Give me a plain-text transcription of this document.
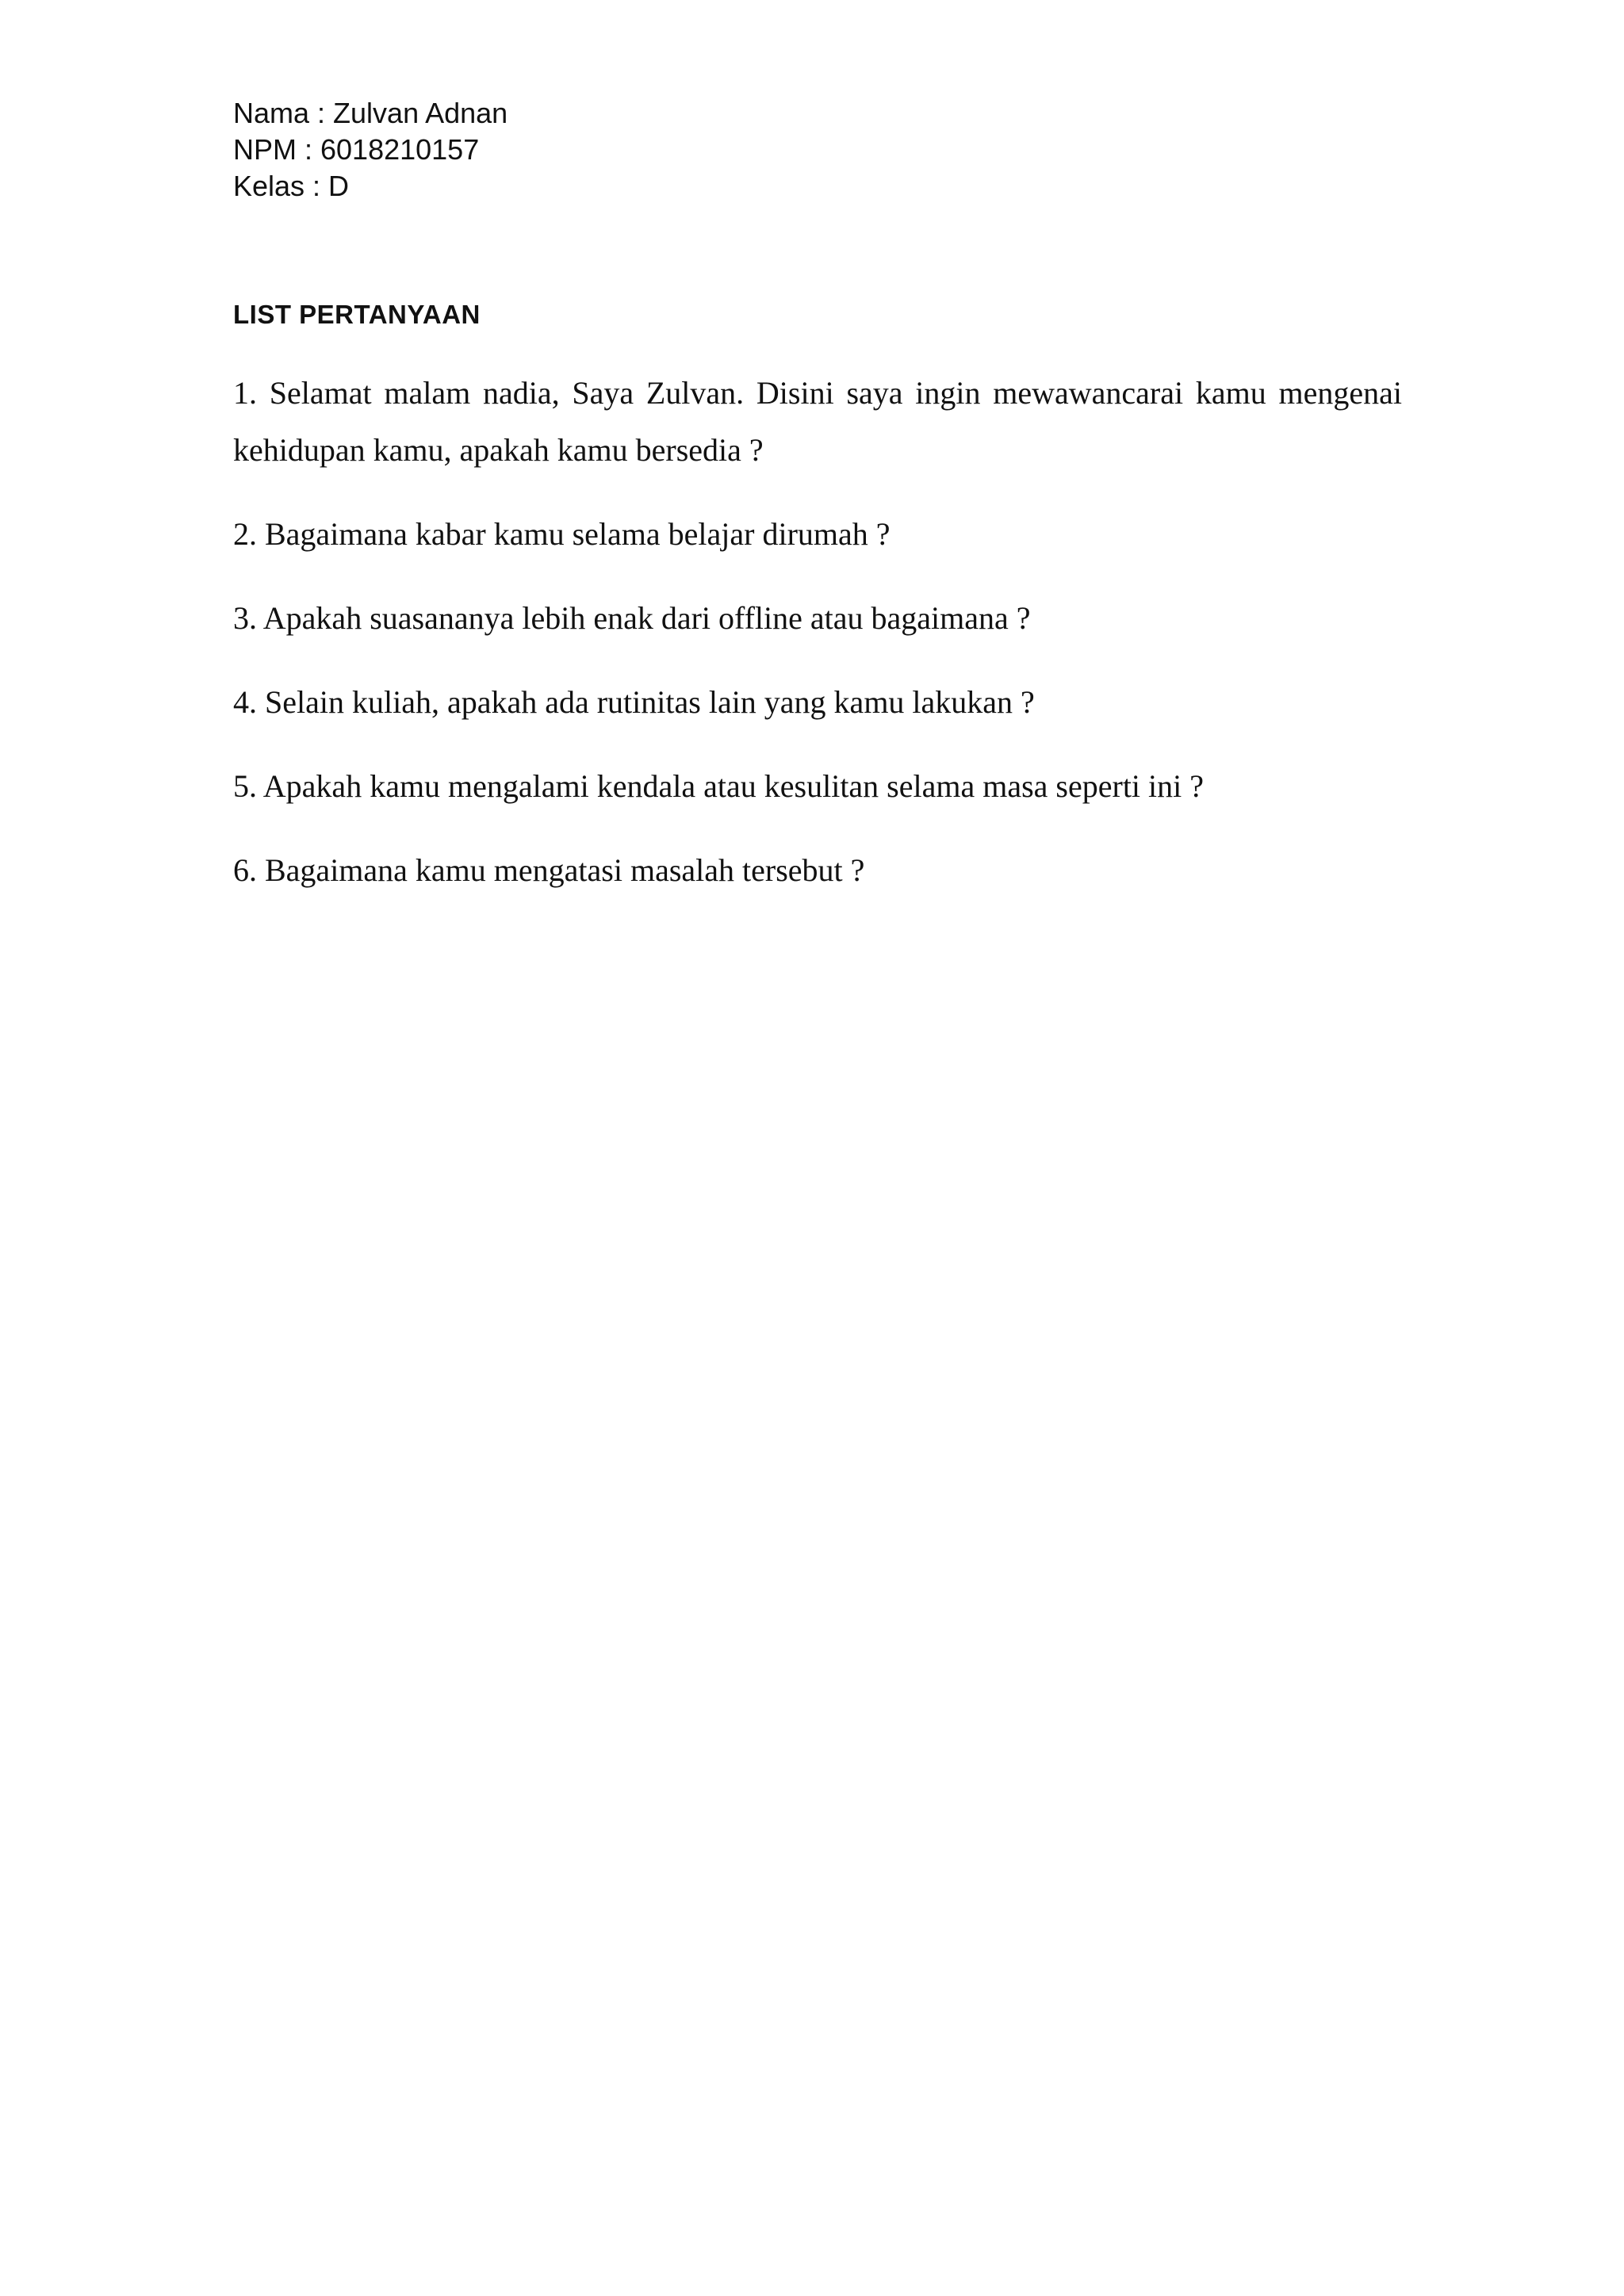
Nama : Zulvan Adnan
NPM : 6018210157
Kelas : D
LIST PERTANYAAN
1. Selamat malam nadia, Saya Zulvan. Disini saya ingin mewawancarai kamu mengenai kehidupan kamu, apakah kamu bersedia ?
2. Bagaimana kabar kamu selama belajar dirumah ?
3. Apakah suasananya lebih enak dari offline atau bagaimana ?
4. Selain kuliah, apakah ada rutinitas lain yang kamu lakukan ?
5. Apakah kamu mengalami kendala atau kesulitan selama masa seperti ini ?
6. Bagaimana kamu mengatasi masalah tersebut ?
